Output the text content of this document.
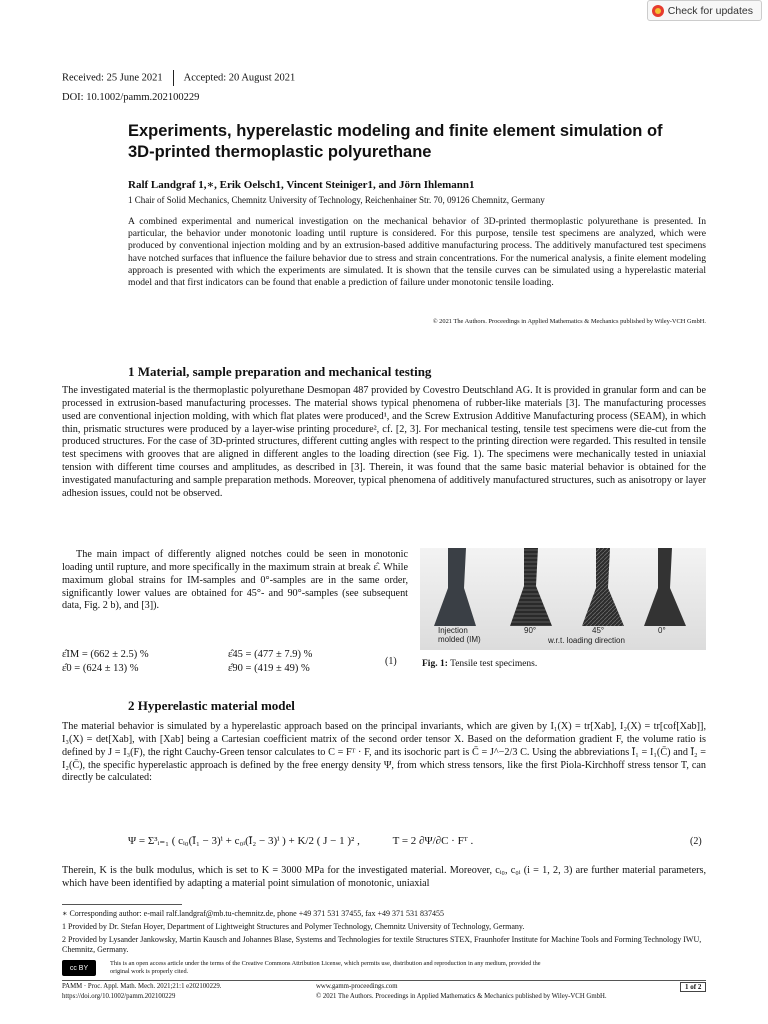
Check for updates
Received: 25 June 2021 Accepted: 20 August 2021
DOI: 10.1002/pamm.202100229
Experiments, hyperelastic modeling and finite element simulation of 3D-printed thermoplastic polyurethane
Ralf Landgraf 1,∗, Erik Oelsch1, Vincent Steiniger1, and Jörn Ihlemann1
1 Chair of Solid Mechanics, Chemnitz University of Technology, Reichenhainer Str. 70, 09126 Chemnitz, Germany
A combined experimental and numerical investigation on the mechanical behavior of 3D-printed thermoplastic polyurethane is presented. In particular, the behavior under monotonic loading until rupture is considered. For this purpose, tensile test specimens are analyzed, which were produced by conventional injection molding and by an extrusion-based additive manufacturing process. The additively manufactured test specimens have notched surfaces that influence the failure behavior due to stress and strain concentrations. For the numerical analysis, a finite element modeling approach is presented with which the experiments are simulated. It is shown that the tensile curves can be simulated using a hyperelastic material model and that first indicators can be found that enable a prediction of failure under monotonic tensile loading.
© 2021 The Authors. Proceedings in Applied Mathematics & Mechanics published by Wiley-VCH GmbH.
1 Material, sample preparation and mechanical testing
The investigated material is the thermoplastic polyurethane Desmopan 487 provided by Covestro Deutschland AG. It is provided in granular form and can be processed in extrusion-based manufacturing processes. The material shows typical phenomena of rubber-like materials [3]. The manufacturing processes used are conventional injection molding, with which flat plates were produced¹, and the Screw Extrusion Additive Manufacturing process (SEAM), in which thin, prismatic structures were produced by a layer-wise printing procedure², cf. [2, 3]. For mechanical testing, tensile test specimens were die-cut from the produced structures. For the case of 3D-printed structures, different cutting angles with respect to the printing direction were regarded. This resulted in tensile test specimens with grooves that are aligned in different angles to the loading direction (see Fig. 1). The specimens were mechanically tested in uniaxial tension with different time courses and amplitudes, as described in [3]. Therein, it was found that the same basic material behavior is obtained for the investigated manufacturing and sample preparation methods. Moreover, typical phenomena of additively manufactured structures, such as anisotropy or layer adhesion issues, could not be observed.
The main impact of differently aligned notches could be seen in monotonic loading until rupture, and more specifically in the maximum strain at break ε̂. While maximum global strains for IM-samples and 0°-samples are in the same order, significantly lower values are obtained for 45°- and 90°-samples (see subsequent data, Fig. 2 b), and [3]).
ε̂IM = (662 ± 2.5) %	ε̂45 = (477 ± 7.9) %
ε̂0 = (624 ± 13) %	ε̂90 = (419 ± 49) %
(1)
Injection
molded (IM)
90°	45°	0°
w.r.t. loading direction
Fig. 1: Tensile test specimens.
2 Hyperelastic material model
The material behavior is simulated by a hyperelastic approach based on the principal invariants, which are given by I₁(X) = tr[Xab], I₂(X) = tr[cof[Xab]], I₃(X) = det[Xab], with [Xab] being a Cartesian coefficient matrix of the second order tensor X. Based on the deformation gradient F, the volume ratio is defined by J = I₃(F), the right Cauchy-Green tensor calculates to C = Fᵀ · F, and its isochoric part is C̄ = J^−2/3 C. Using the abbreviations Ī₁ = I₁(C̄) and Ī₂ = I₂(C̄), the specific hyperelastic approach is defined by the free energy density Ψ, from which stress tensors, like the first Piola-Kirchhoff stress tensor T, can directly be calculated:
Ψ = Σ³ᵢ₌₁ ( cᵢ₀(Ī₁ − 3)ⁱ + c₀ᵢ(Ī₂ − 3)ⁱ ) + K/2 ( J − 1 )² ,	T = 2 ∂Ψ/∂C · Fᵀ .	(2)
Therein, K is the bulk modulus, which is set to K = 3000 MPa for the investigated material. Moreover, cᵢ₀, c₀ᵢ (i = 1, 2, 3) are further material parameters, which have been identified by adapting a material point simulation of monotonic, uniaxial
∗ Corresponding author: e-mail ralf.landgraf@mb.tu-chemnitz.de, phone +49 371 531 37455, fax +49 371 531 837455
1 Provided by Dr. Stefan Hoyer, Department of Lightweight Structures and Polymer Technology, Chemnitz University of Technology, Germany.
2 Provided by Lysander Jankowsky, Martin Kausch and Johannes Blase, Systems and Technologies for textile Structures STEX, Fraunhofer Institute for Machine Tools and Forming Technology IWU, Chemnitz, Germany.
cc BY
This is an open access article under the terms of the Creative Commons Attribution License, which permits use, distribution and reproduction in any medium, provided the original work is properly cited.
PAMM · Proc. Appl. Math. Mech. 2021;21:1 e202100229.
https://doi.org/10.1002/pamm.202100229
www.gamm-proceedings.com
© 2021 The Authors. Proceedings in Applied Mathematics & Mechanics published by Wiley-VCH GmbH.
1 of 2
